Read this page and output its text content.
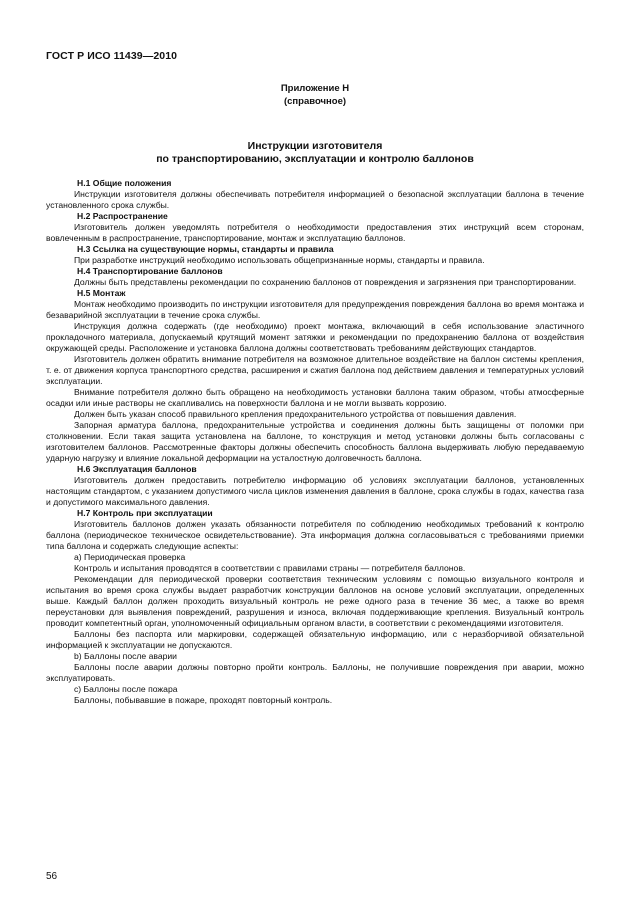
ГОСТ Р ИСО 11439—2010
Приложение Н
(справочное)
Инструкции изготовителя
по транспортированию, эксплуатации и контролю баллонов

Н.1 Общие положения

Инструкции изготовителя должны обеспечивать потребителя информацией о безопасной эксплуатации баллона в течение установленного срока службы.

Н.2 Распространение

Изготовитель должен уведомлять потребителя о необходимости предоставления этих инструкций всем сторонам, вовлеченным в распространение, транспортирование, монтаж и эксплуатацию баллонов.

Н.3 Ссылка на существующие нормы, стандарты и правила

При разработке инструкций необходимо использовать общепризнанные нормы, стандарты и правила.

Н.4 Транспортирование баллонов

Должны быть представлены рекомендации по сохранению баллонов от повреждения и загрязнения при транспортировании.

Н.5 Монтаж

Монтаж необходимо производить по инструкции изготовителя для предупреждения повреждения баллона во время монтажа и безаварийной эксплуатации в течение срока службы.

Инструкция должна содержать (где необходимо) проект монтажа, включающий в себя использование эластичного прокладочного материала, допускаемый крутящий момент затяжки и рекомендации по предохранению баллона от воздействия окружающей среды. Расположение и установка баллона должны соответствовать требованиям действующих стандартов.

Изготовитель должен обратить внимание потребителя на возможное длительное воздействие на баллон системы крепления, т. е. от движения корпуса транспортного средства, расширения и сжатия баллона под действием давления и температурных условий эксплуатации.

Внимание потребителя должно быть обращено на необходимость установки баллона таким образом, чтобы атмосферные осадки или иные растворы не скапливались на поверхности баллона и не могли вызвать коррозию.

Должен быть указан способ правильного крепления предохранительного устройства от повышения давления.

Запорная арматура баллона, предохранительные устройства и соединения должны быть защищены от поломки при столкновении. Если такая защита установлена на баллоне, то конструкция и метод установки должны быть согласованы с изготовителем баллонов. Рассмотренные факторы должны обеспечить способность баллона выдерживать любую передаваемую ударную нагрузку и влияние локальной деформации на усталостную долговечность баллона.

Н.6 Эксплуатация баллонов

Изготовитель должен предоставить потребителю информацию об условиях эксплуатации баллонов, установленных настоящим стандартом, с указанием допустимого числа циклов изменения давления в баллоне, срока службы в годах, качества газа и допустимого максимального давления.

Н.7 Контроль при эксплуатации

Изготовитель баллонов должен указать обязанности потребителя по соблюдению необходимых требований к контролю баллона (периодическое техническое освидетельствование). Эта информация должна согласовываться с требованиями приемки типа баллона и содержать следующие аспекты:

а) Периодическая проверка

Контроль и испытания проводятся в соответствии с правилами страны — потребителя баллонов.

Рекомендации для периодической проверки соответствия техническим условиям с помощью визуального контроля и испытания во время срока службы выдает разработчик конструкции баллонов на основе условий эксплуатации, определенных выше. Каждый баллон должен проходить визуальный контроль не реже одного раза в течение 36 мес, а также во время переустановки для выявления повреждений, разрушения и износа, включая поддерживающие крепления. Визуальный контроль проводит компетентный орган, уполномоченный официальным органом власти, в соответствии с рекомендациями изготовителя.

Баллоны без паспорта или маркировки, содержащей обязательную информацию, или с неразборчивой обязательной информацией к эксплуатации не допускаются.

b) Баллоны после аварии

Баллоны после аварии должны повторно пройти контроль. Баллоны, не получившие повреждения при аварии, можно эксплуатировать.

с) Баллоны после пожара

Баллоны, побывавшие в пожаре, проходят повторный контроль.

56
